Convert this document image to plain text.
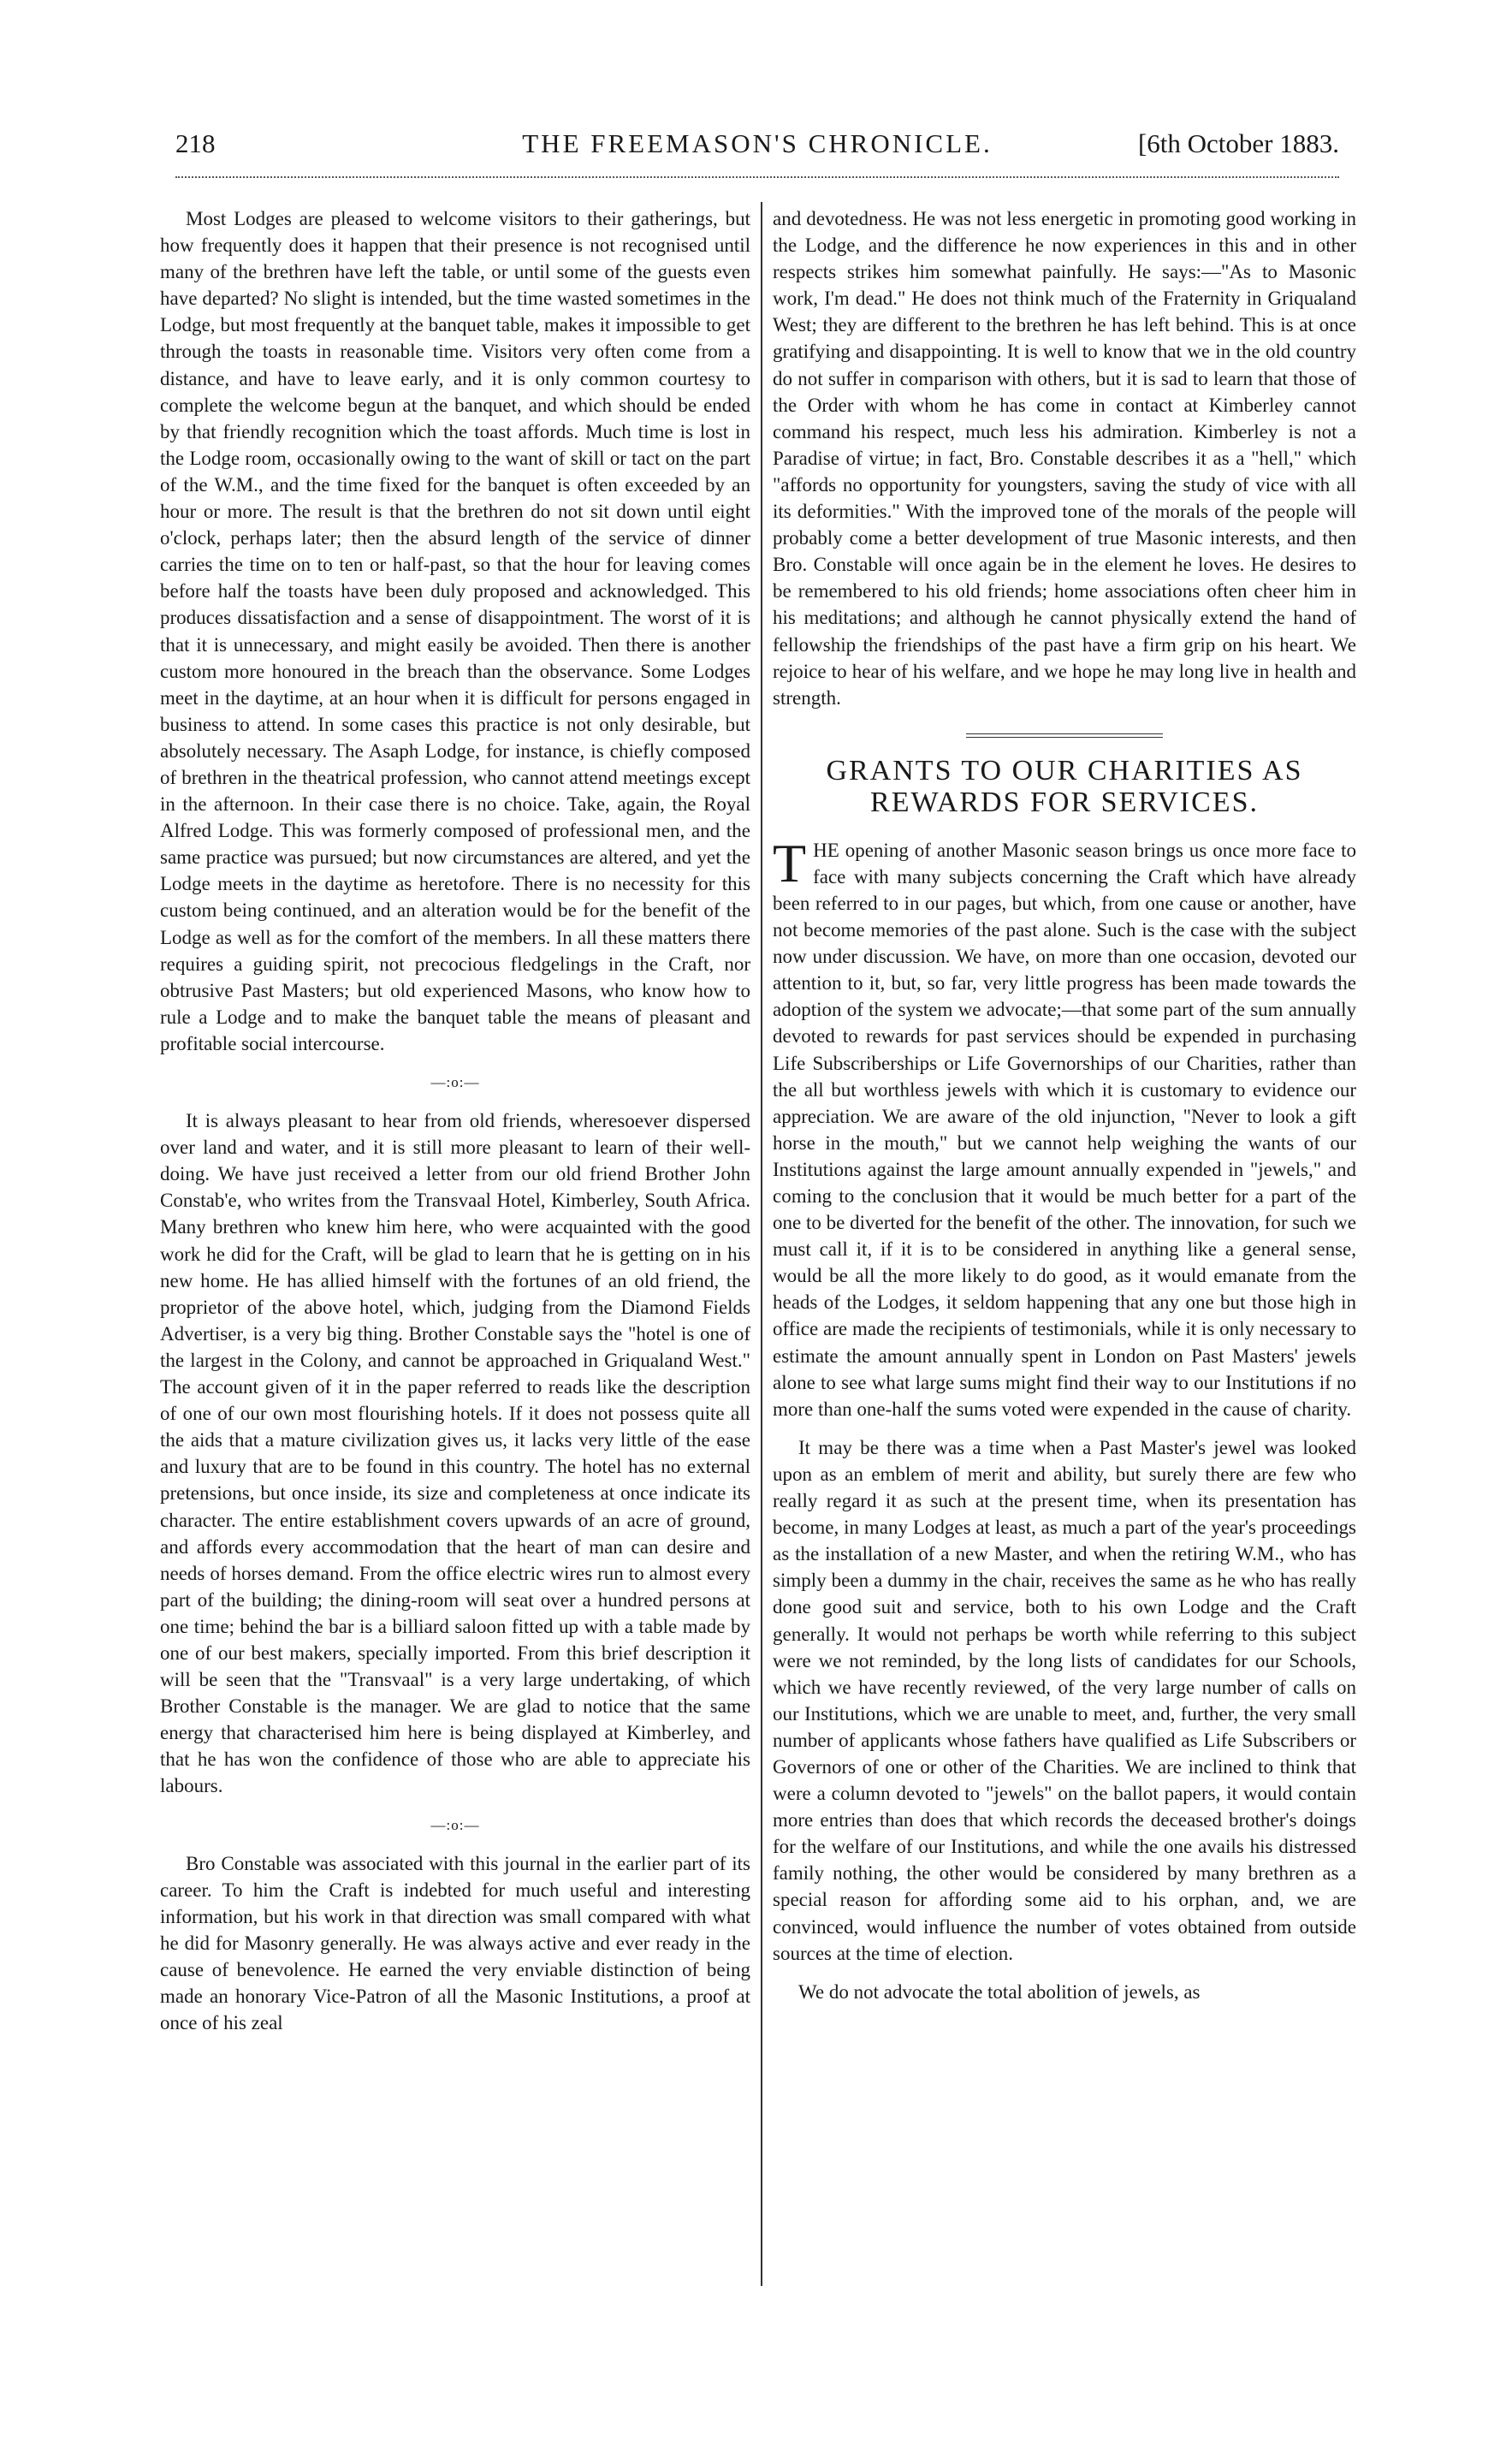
218	THE FREEMASON'S CHRONICLE.	[6th October 1883.

Most Lodges are pleased to welcome visitors to their gatherings, but how frequently does it happen that their presence is not recognised until many of the brethren have left the table, or until some of the guests even have departed? No slight is intended, but the time wasted sometimes in the Lodge, but most frequently at the banquet table, makes it impossible to get through the toasts in reasonable time. Visitors very often come from a distance, and have to leave early, and it is only common courtesy to complete the welcome begun at the banquet, and which should be ended by that friendly recognition which the toast affords. Much time is lost in the Lodge room, occasionally owing to the want of skill or tact on the part of the W.M., and the time fixed for the banquet is often exceeded by an hour or more. The result is that the brethren do not sit down until eight o'clock, perhaps later; then the absurd length of the service of dinner carries the time on to ten or half-past, so that the hour for leaving comes before half the toasts have been duly proposed and acknowledged. This produces dissatisfaction and a sense of disappointment. The worst of it is that it is unnecessary, and might easily be avoided. Then there is another custom more honoured in the breach than the observance. Some Lodges meet in the daytime, at an hour when it is difficult for persons engaged in business to attend. In some cases this practice is not only desirable, but absolutely necessary. The Asaph Lodge, for instance, is chiefly composed of brethren in the theatrical profession, who cannot attend meetings except in the afternoon. In their case there is no choice. Take, again, the Royal Alfred Lodge. This was formerly composed of professional men, and the same practice was pursued; but now circumstances are altered, and yet the Lodge meets in the daytime as heretofore. There is no necessity for this custom being continued, and an alteration would be for the benefit of the Lodge as well as for the comfort of the members. In all these matters there requires a guiding spirit, not precocious fledgelings in the Craft, nor obtrusive Past Masters; but old experienced Masons, who know how to rule a Lodge and to make the banquet table the means of pleasant and profitable social intercourse.

—:o:—

It is always pleasant to hear from old friends, wheresoever dispersed over land and water, and it is still more pleasant to learn of their well-doing. We have just received a letter from our old friend Brother John Constab'e, who writes from the Transvaal Hotel, Kimberley, South Africa. Many brethren who knew him here, who were acquainted with the good work he did for the Craft, will be glad to learn that he is getting on in his new home. He has allied himself with the fortunes of an old friend, the proprietor of the above hotel, which, judging from the Diamond Fields Advertiser, is a very big thing. Brother Constable says the "hotel is one of the largest in the Colony, and cannot be approached in Griqualand West." The account given of it in the paper referred to reads like the description of one of our own most flourishing hotels. If it does not possess quite all the aids that a mature civilization gives us, it lacks very little of the ease and luxury that are to be found in this country. The hotel has no external pretensions, but once inside, its size and completeness at once indicate its character. The entire establishment covers upwards of an acre of ground, and affords every accommodation that the heart of man can desire and needs of horses demand. From the office electric wires run to almost every part of the building; the dining-room will seat over a hundred persons at one time; behind the bar is a billiard saloon fitted up with a table made by one of our best makers, specially imported. From this brief description it will be seen that the "Transvaal" is a very large undertaking, of which Brother Constable is the manager. We are glad to notice that the same energy that characterised him here is being displayed at Kimberley, and that he has won the confidence of those who are able to appreciate his labours.

—:o:—

Bro Constable was associated with this journal in the earlier part of its career. To him the Craft is indebted for much useful and interesting information, but his work in that direction was small compared with what he did for Masonry generally. He was always active and ever ready in the cause of benevolence. He earned the very enviable distinction of being made an honorary Vice-Patron of all the Masonic Institutions, a proof at once of his zeal

and devotedness. He was not less energetic in promoting good working in the Lodge, and the difference he now experiences in this and in other respects strikes him somewhat painfully. He says:—"As to Masonic work, I'm dead." He does not think much of the Fraternity in Griqualand West; they are different to the brethren he has left behind. This is at once gratifying and disappointing. It is well to know that we in the old country do not suffer in comparison with others, but it is sad to learn that those of the Order with whom he has come in contact at Kimberley cannot command his respect, much less his admiration. Kimberley is not a Paradise of virtue; in fact, Bro. Constable describes it as a "hell," which "affords no opportunity for youngsters, saving the study of vice with all its deformities." With the improved tone of the morals of the people will probably come a better development of true Masonic interests, and then Bro. Constable will once again be in the element he loves. He desires to be remembered to his old friends; home associations often cheer him in his meditations; and although he cannot physically extend the hand of fellowship the friendships of the past have a firm grip on his heart. We rejoice to hear of his welfare, and we hope he may long live in health and strength.

GRANTS TO OUR CHARITIES AS
REWARDS FOR SERVICES.

THE opening of another Masonic season brings us once more face to face with many subjects concerning the Craft which have already been referred to in our pages, but which, from one cause or another, have not become memories of the past alone. Such is the case with the subject now under discussion. We have, on more than one occasion, devoted our attention to it, but, so far, very little progress has been made towards the adoption of the system we advocate;—that some part of the sum annually devoted to rewards for past services should be expended in purchasing Life Subscriberships or Life Governorships of our Charities, rather than the all but worthless jewels with which it is customary to evidence our appreciation. We are aware of the old injunction, "Never to look a gift horse in the mouth," but we cannot help weighing the wants of our Institutions against the large amount annually expended in "jewels," and coming to the conclusion that it would be much better for a part of the one to be diverted for the benefit of the other. The innovation, for such we must call it, if it is to be considered in anything like a general sense, would be all the more likely to do good, as it would emanate from the heads of the Lodges, it seldom happening that any one but those high in office are made the recipients of testimonials, while it is only necessary to estimate the amount annually spent in London on Past Masters' jewels alone to see what large sums might find their way to our Institutions if no more than one-half the sums voted were expended in the cause of charity.

It may be there was a time when a Past Master's jewel was looked upon as an emblem of merit and ability, but surely there are few who really regard it as such at the present time, when its presentation has become, in many Lodges at least, as much a part of the year's proceedings as the installation of a new Master, and when the retiring W.M., who has simply been a dummy in the chair, receives the same as he who has really done good suit and service, both to his own Lodge and the Craft generally. It would not perhaps be worth while referring to this subject were we not reminded, by the long lists of candidates for our Schools, which we have recently reviewed, of the very large number of calls on our Institutions, which we are unable to meet, and, further, the very small number of applicants whose fathers have qualified as Life Subscribers or Governors of one or other of the Charities. We are inclined to think that were a column devoted to "jewels" on the ballot papers, it would contain more entries than does that which records the deceased brother's doings for the welfare of our Institutions, and while the one avails his distressed family nothing, the other would be considered by many brethren as a special reason for affording some aid to his orphan, and, we are convinced, would influence the number of votes obtained from outside sources at the time of election.

We do not advocate the total abolition of jewels, as
